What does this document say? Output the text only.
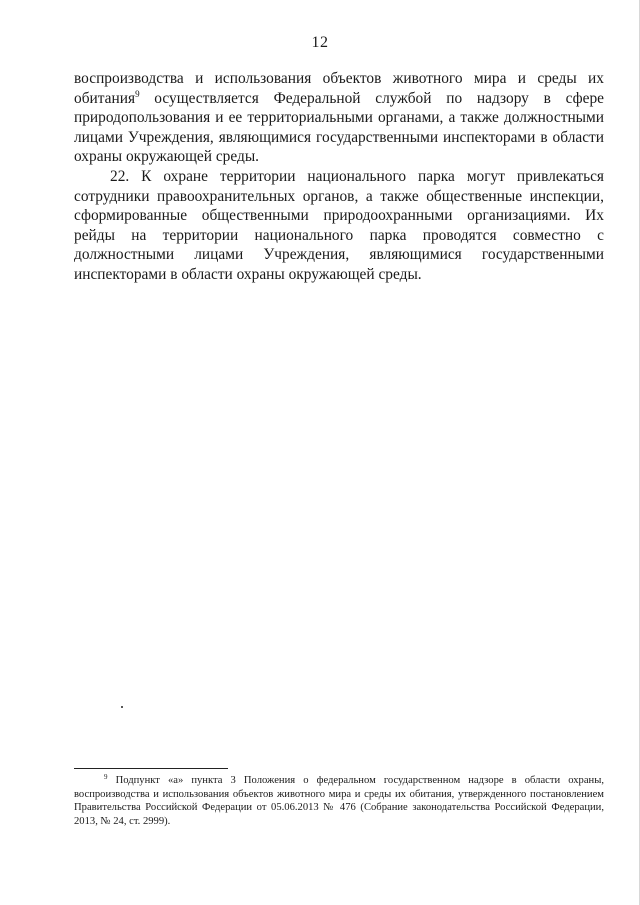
12

воспроизводства и использования объектов животного мира и среды их обитания$^9$ осуществляется Федеральной службой по надзору в сфере природопользования и ее территориальными органами, а также должностными лицами Учреждения, являющимися государственными инспекторами в области охраны окружающей среды.

22. К охране территории национального парка могут привлекаться сотрудники правоохранительных органов, а также общественные инспекции, сформированные общественными природоохранными организациями. Их рейды на территории национального парка проводятся совместно с должностными лицами Учреждения, являющимися государственными инспекторами в области охраны окружающей среды.

$^9$ Подпункт «а» пункта 3 Положения о федеральном государственном надзоре в области охраны, воспроизводства и использования объектов животного мира и среды их обитания, утвержденного постановлением Правительства Российской Федерации от 05.06.2013 № 476 (Собрание законодательства Российской Федерации, 2013, № 24, ст. 2999).
